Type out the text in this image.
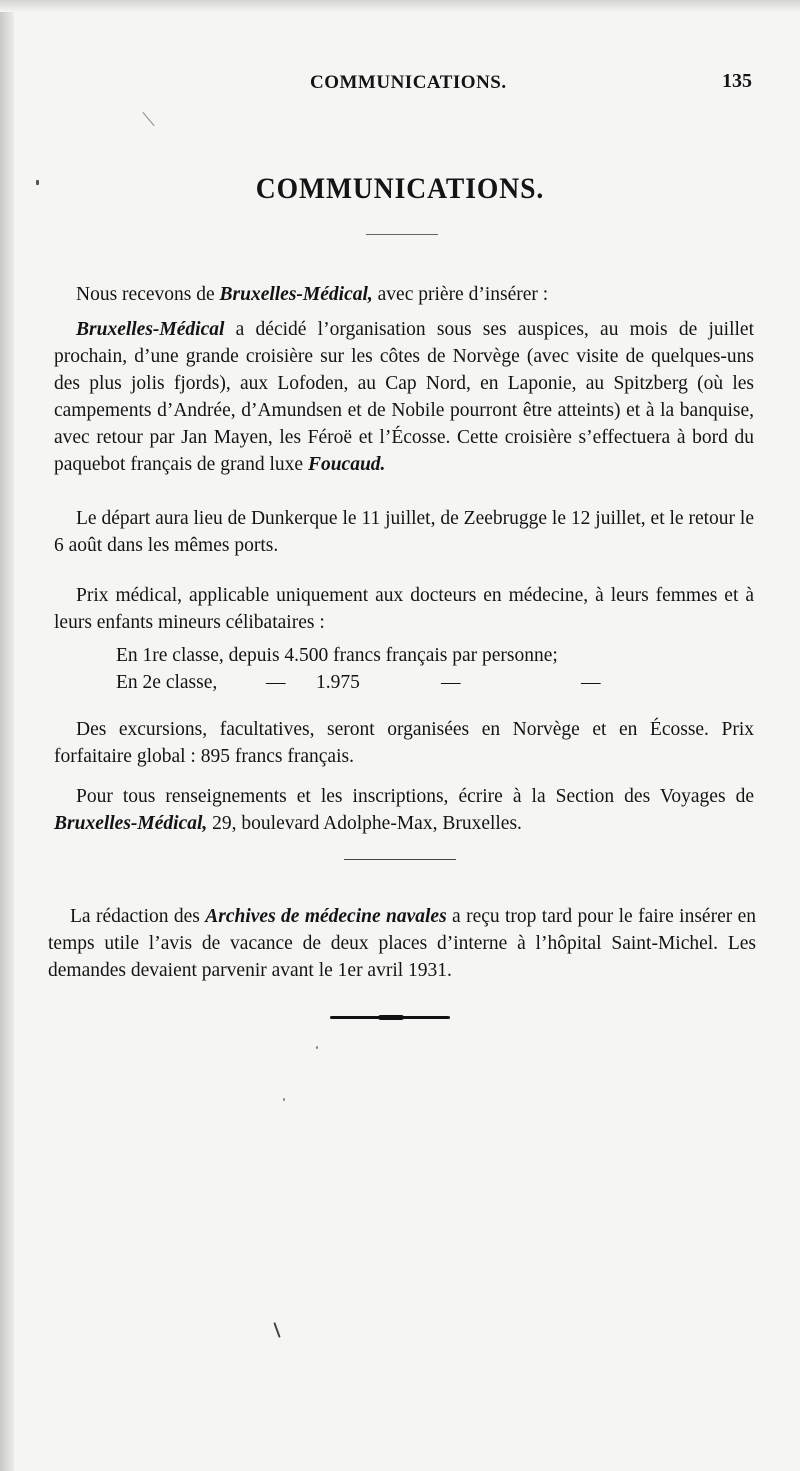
COMMUNICATIONS.	135
COMMUNICATIONS.
Nous recevons de Bruxelles-Médical, avec prière d’insérer :
Bruxelles-Médical a décidé l’organisation sous ses auspices, au mois de juillet prochain, d’une grande croisière sur les côtes de Norvège (avec visite de quelques-uns des plus jolis fjords), aux Lofoden, au Cap Nord, en Laponie, au Spitzberg (où les campements d’Andrée, d’Amundsen et de Nobile pourront être atteints) et à la banquise, avec retour par Jan Mayen, les Féroë et l’Écosse. Cette croisière s’effectuera à bord du paquebot français de grand luxe Foucaud.
Le départ aura lieu de Dunkerque le 11 juillet, de Zeebrugge le 12 juillet, et le retour le 6 août dans les mêmes ports.
Prix médical, applicable uniquement aux docteurs en médecine, à leurs femmes et à leurs enfants mineurs célibataires :
En 1re classe, depuis 4.500 francs français par personne;
En 2e classe, — 1.975	—	—
Des excursions, facultatives, seront organisées en Norvège et en Écosse. Prix forfaitaire global : 895 francs français.
Pour tous renseignements et les inscriptions, écrire à la Section des Voyages de Bruxelles-Médical, 29, boulevard Adolphe-Max, Bruxelles.
La rédaction des Archives de médecine navales a reçu trop tard pour le faire insérer en temps utile l’avis de vacance de deux places d’interne à l’hôpital Saint-Michel. Les demandes devaient parvenir avant le 1er avril 1931.
